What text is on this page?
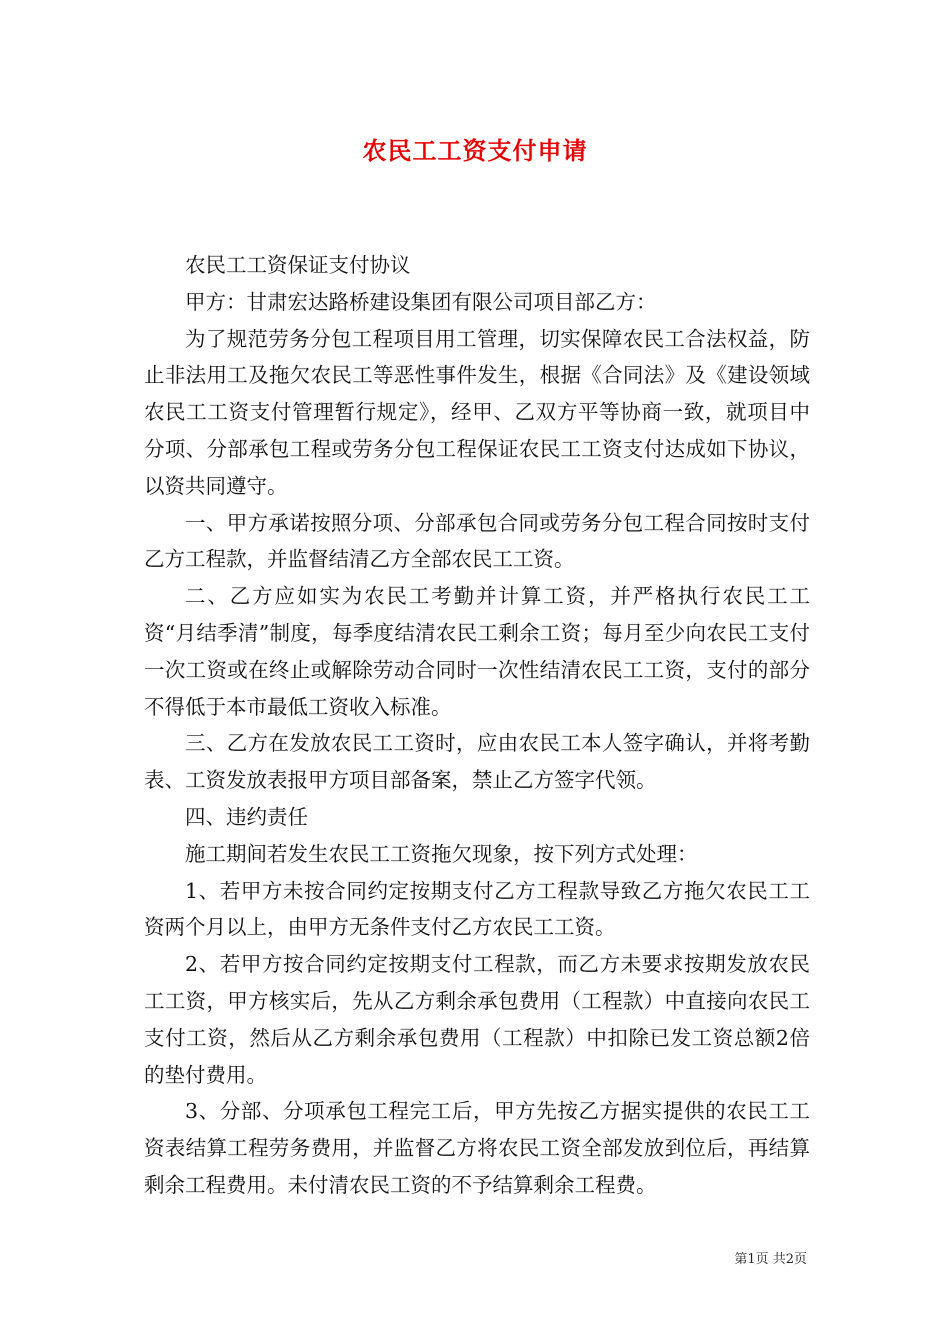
农民工工资支付申请

农民工工资保证支付协议

甲方：甘肃宏达路桥建设集团有限公司项目部乙方：

为了规范劳务分包工程项目用工管理，切实保障农民工合法权益，防止非法用工及拖欠农民工等恶性事件发生，根据《合同法》及《建设领域农民工工资支付管理暂行规定》，经甲、乙双方平等协商一致，就项目中分项、分部承包工程或劳务分包工程保证农民工工资支付达成如下协议，以资共同遵守。

一、甲方承诺按照分项、分部承包合同或劳务分包工程合同按时支付乙方工程款，并监督结清乙方全部农民工工资。

二、乙方应如实为农民工考勤并计算工资，并严格执行农民工工资“月结季清”制度，每季度结清农民工剩余工资；每月至少向农民工支付一次工资或在终止或解除劳动合同时一次性结清农民工工资，支付的部分不得低于本市最低工资收入标准。

三、乙方在发放农民工工资时，应由农民工本人签字确认，并将考勤表、工资发放表报甲方项目部备案，禁止乙方签字代领。

四、违约责任

施工期间若发生农民工工资拖欠现象，按下列方式处理：

1、若甲方未按合同约定按期支付乙方工程款导致乙方拖欠农民工工资两个月以上，由甲方无条件支付乙方农民工工资。

2、若甲方按合同约定按期支付工程款，而乙方未要求按期发放农民工工资，甲方核实后，先从乙方剩余承包费用（工程款）中直接向农民工支付工资，然后从乙方剩余承包费用（工程款）中扣除已发工资总额2倍的垫付费用。

3、分部、分项承包工程完工后，甲方先按乙方据实提供的农民工工资表结算工程劳务费用，并监督乙方将农民工资全部发放到位后，再结算剩余工程费用。未付清农民工资的不予结算剩余工程费。

第1页 共2页
